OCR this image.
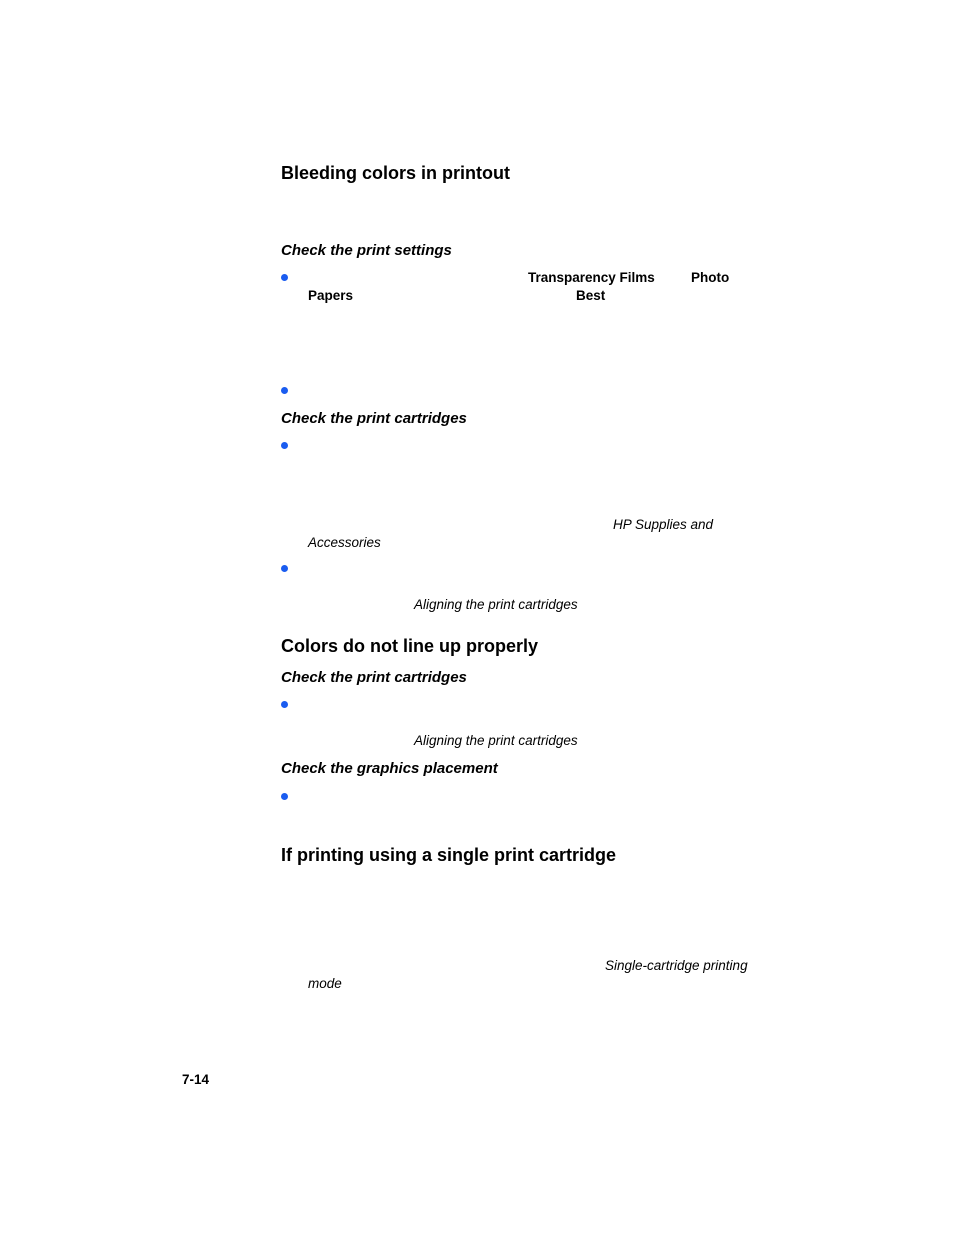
Bleeding colors in printout
Check the print settings
Transparency Films	Photo
Papers	Best
Check the print cartridges
HP Supplies and
Accessories
Aligning the print cartridges
Colors do not line up properly
Check the print cartridges
Aligning the print cartridges
Check the graphics placement
If printing using a single print cartridge
Single-cartridge printing
mode
7-14
